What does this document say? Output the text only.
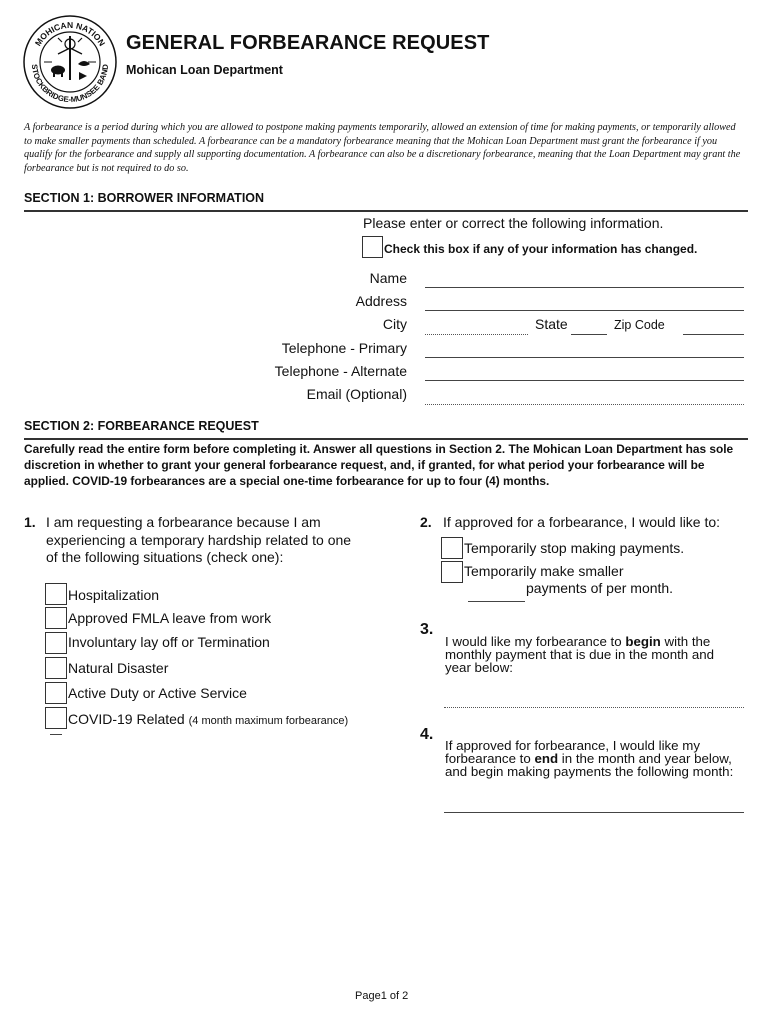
MOHICAN NATION
STOCKBRIDGE-MUNSEE BAND
GENERAL FORBEARANCE REQUEST
Mohican Loan Department
A forbearance is a period during which you are allowed to postpone making payments temporarily, allowed an extension of time for making payments, or temporarily allowed to make smaller payments than scheduled. A forbearance can be a mandatory forbearance meaning that the Mohican Loan Department must grant the forbearance if you qualify for the forbearance and supply all supporting documentation. A forbearance can also be a discretionary forbearance, meaning that the Loan Department may grant the forbearance but is not required to do so.
SECTION 1: BORROWER INFORMATION
Please enter or correct the following information.
Check this box if any of your information has changed.
Name
Address
City	State	Zip Code
Telephone - Primary
Telephone - Alternate
Email (Optional)
SECTION 2: FORBEARANCE REQUEST
Carefully read the entire form before completing it. Answer all questions in Section 2. The Mohican Loan Department has sole discretion in whether to grant your general forbearance request, and, if granted, for what period your forbearance will be applied. COVID-19 forbearances are a special one-time forbearance for up to four (4) months.
1. I am requesting a forbearance because I am
experiencing a temporary hardship related to one
of the following situations (check one):
Hospitalization
Approved FMLA leave from work
Involuntary lay off or Termination
Natural Disaster
Active Duty or Active Service
COVID-19 Related (4 month maximum forbearance)
2. If approved for a forbearance, I would like to:
Temporarily stop making payments.
Temporarily make smaller
payments of per month.
3.
I would like my forbearance to begin with the
monthly payment that is due in the month and
year below:
4.
If approved for forbearance, I would like my
forbearance to end in the month and year below,
and begin making payments the following month:
Page1 of 2
